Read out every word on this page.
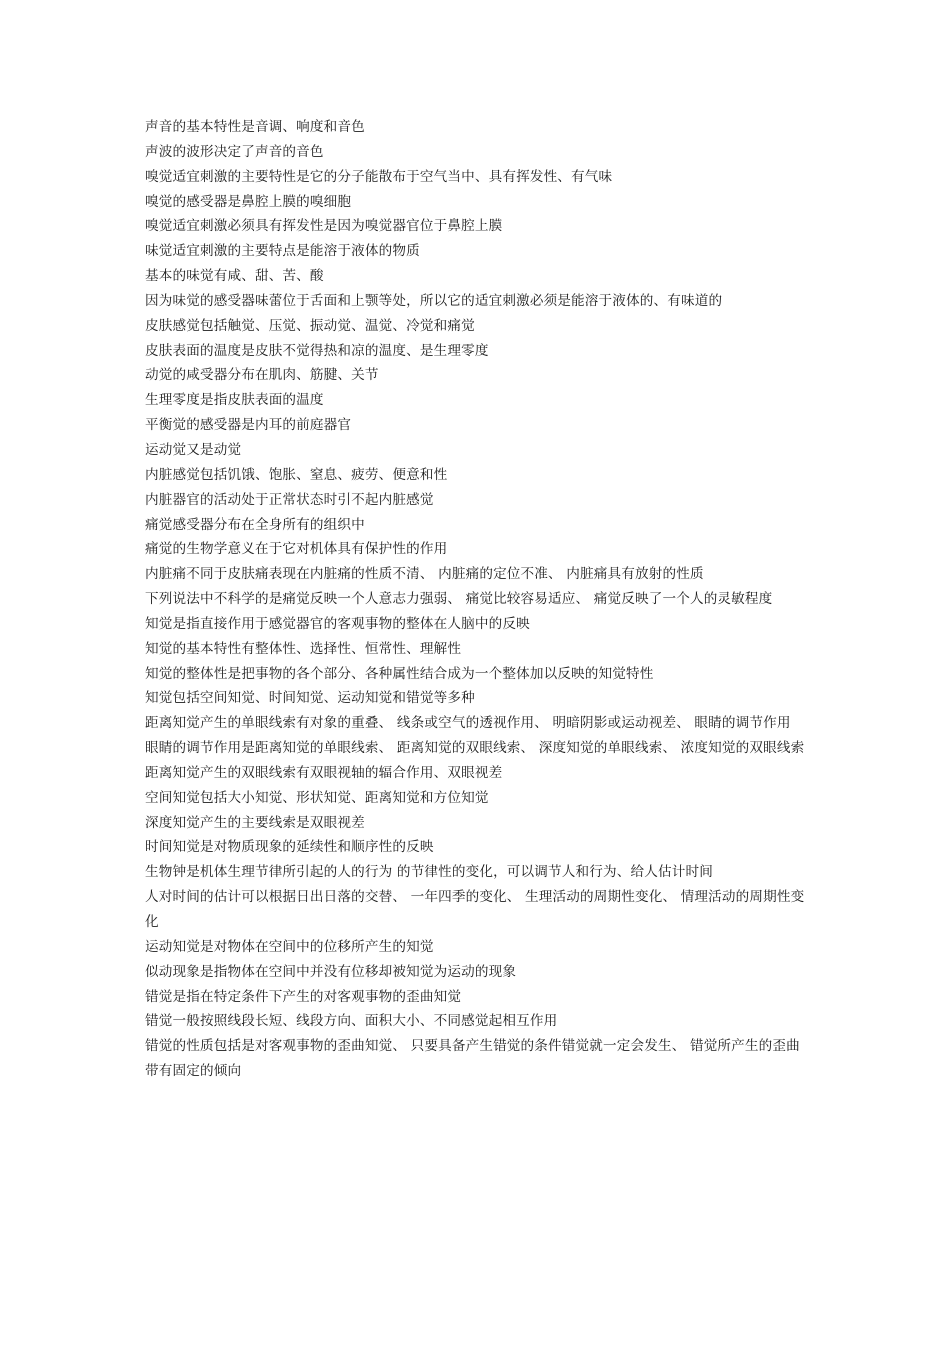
声音的基本特性是音调、响度和音色

声波的波形决定了声音的音色

嗅觉适宜刺激的主要特性是它的分子能散布于空气当中、具有挥发性、有气味

嗅觉的感受器是鼻腔上膜的嗅细胞

嗅觉适宜刺激必须具有挥发性是因为嗅觉器官位于鼻腔上膜

味觉适宜刺激的主要特点是能溶于液体的物质

基本的味觉有咸、甜、苦、酸

因为味觉的感受器味蕾位于舌面和上颚等处，所以它的适宜刺激必须是能溶于液体的、有味道的

皮肤感觉包括触觉、压觉、振动觉、温觉、冷觉和痛觉

皮肤表面的温度是皮肤不觉得热和凉的温度、是生理零度

动觉的咸受器分布在肌肉、筋腱、关节

生理零度是指皮肤表面的温度

平衡觉的感受器是内耳的前庭器官

运动觉又是动觉

内脏感觉包括饥饿、饱胀、窒息、疲劳、便意和性

内脏器官的活动处于正常状态时引不起内脏感觉

痛觉感受器分布在全身所有的组织中

痛觉的生物学意义在于它对机体具有保护性的作用

内脏痛不同于皮肤痛表现在内脏痛的性质不清、 内脏痛的定位不准、 内脏痛具有放射的性质

下列说法中不科学的是痛觉反映一个人意志力强弱、 痛觉比较容易适应、 痛觉反映了一个人的灵敏程度

知觉是指直接作用于感觉器官的客观事物的整体在人脑中的反映

知觉的基本特性有整体性、选择性、恒常性、理解性

知觉的整体性是把事物的各个部分、各种属性结合成为一个整体加以反映的知觉特性

知觉包括空间知觉、时间知觉、运动知觉和错觉等多种

距离知觉产生的单眼线索有对象的重叠、 线条或空气的透视作用、 明暗阴影或运动视差、 眼睛的调节作用

眼睛的调节作用是距离知觉的单眼线索、 距离知觉的双眼线索、 深度知觉的单眼线索、 浓度知觉的双眼线索

距离知觉产生的双眼线索有双眼视轴的辐合作用、双眼视差

空间知觉包括大小知觉、形状知觉、距离知觉和方位知觉

深度知觉产生的主要线索是双眼视差

时间知觉是对物质现象的延续性和顺序性的反映

生物钟是机体生理节律所引起的人的行为 的节律性的变化，可以调节人和行为、给人估计时间

人对时间的估计可以根据日出日落的交替、 一年四季的变化、 生理活动的周期性变化、 情理活动的周期性变化

运动知觉是对物体在空间中的位移所产生的知觉

似动现象是指物体在空间中并没有位移却被知觉为运动的现象

错觉是指在特定条件下产生的对客观事物的歪曲知觉

错觉一般按照线段长短、线段方向、面积大小、不同感觉起相互作用

错觉的性质包括是对客观事物的歪曲知觉、 只要具备产生错觉的条件错觉就一定会发生、 错觉所产生的歪曲带有固定的倾向
